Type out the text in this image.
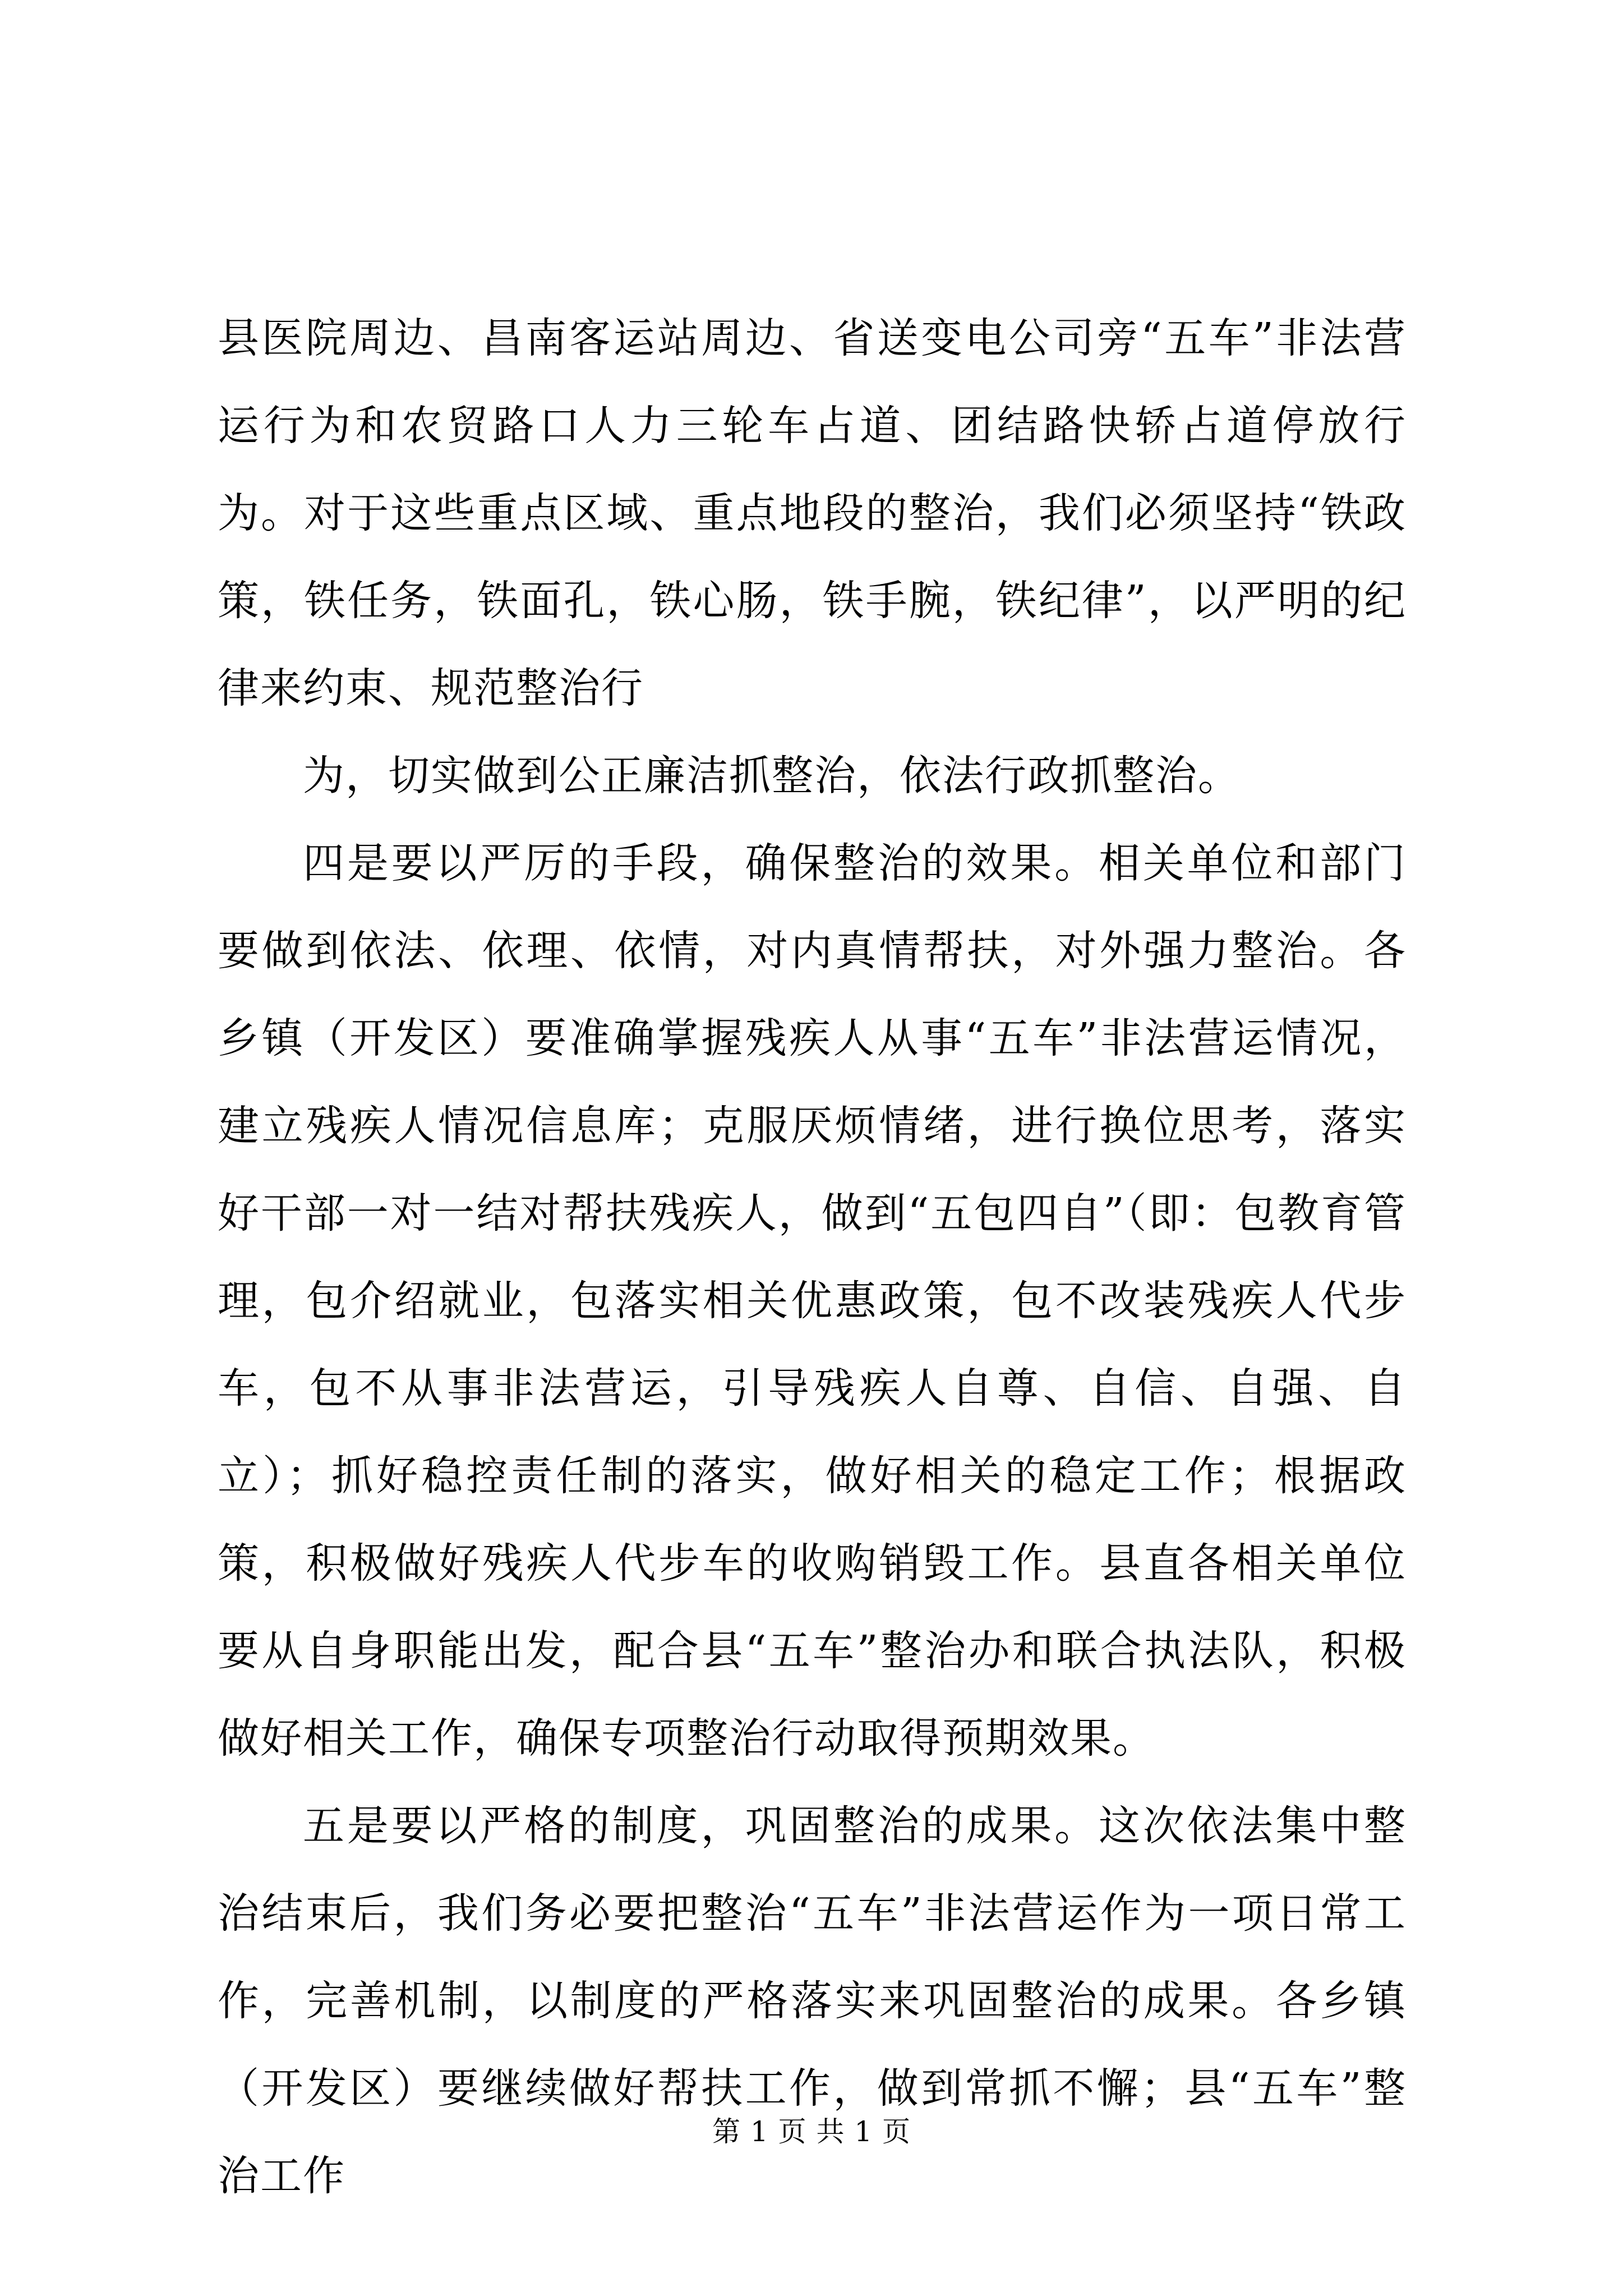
县医院周边、昌南客运站周边、省送变电公司旁“五车”非法营运行为和农贸路口人力三轮车占道、团结路快轿占道停放行为。对于这些重点区域、重点地段的整治，我们必须坚持“铁政策，铁任务，铁面孔，铁心肠，铁手腕，铁纪律”，以严明的纪律来约束、规范整治行

为，切实做到公正廉洁抓整治，依法行政抓整治。

四是要以严厉的手段，确保整治的效果。相关单位和部门要做到依法、依理、依情，对内真情帮扶，对外强力整治。各乡镇（开发区）要准确掌握残疾人从事“五车”非法营运情况，建立残疾人情况信息库；克服厌烦情绪，进行换位思考，落实好干部一对一结对帮扶残疾人，做到“五包四自”（即：包教育管理，包介绍就业，包落实相关优惠政策，包不改装残疾人代步车，包不从事非法营运，引导残疾人自尊、自信、自强、自立）；抓好稳控责任制的落实，做好相关的稳定工作；根据政策，积极做好残疾人代步车的收购销毁工作。县直各相关单位要从自身职能出发，配合县“五车”整治办和联合执法队，积极做好相关工作，确保专项整治行动取得预期效果。

五是要以严格的制度，巩固整治的成果。这次依法集中整治结束后，我们务必要把整治“五车”非法营运作为一项日常工作，完善机制，以制度的严格落实来巩固整治的成果。各乡镇（开发区）要继续做好帮扶工作，做到常抓不懈；县“五车”整治工作

第 1 页 共 1 页
